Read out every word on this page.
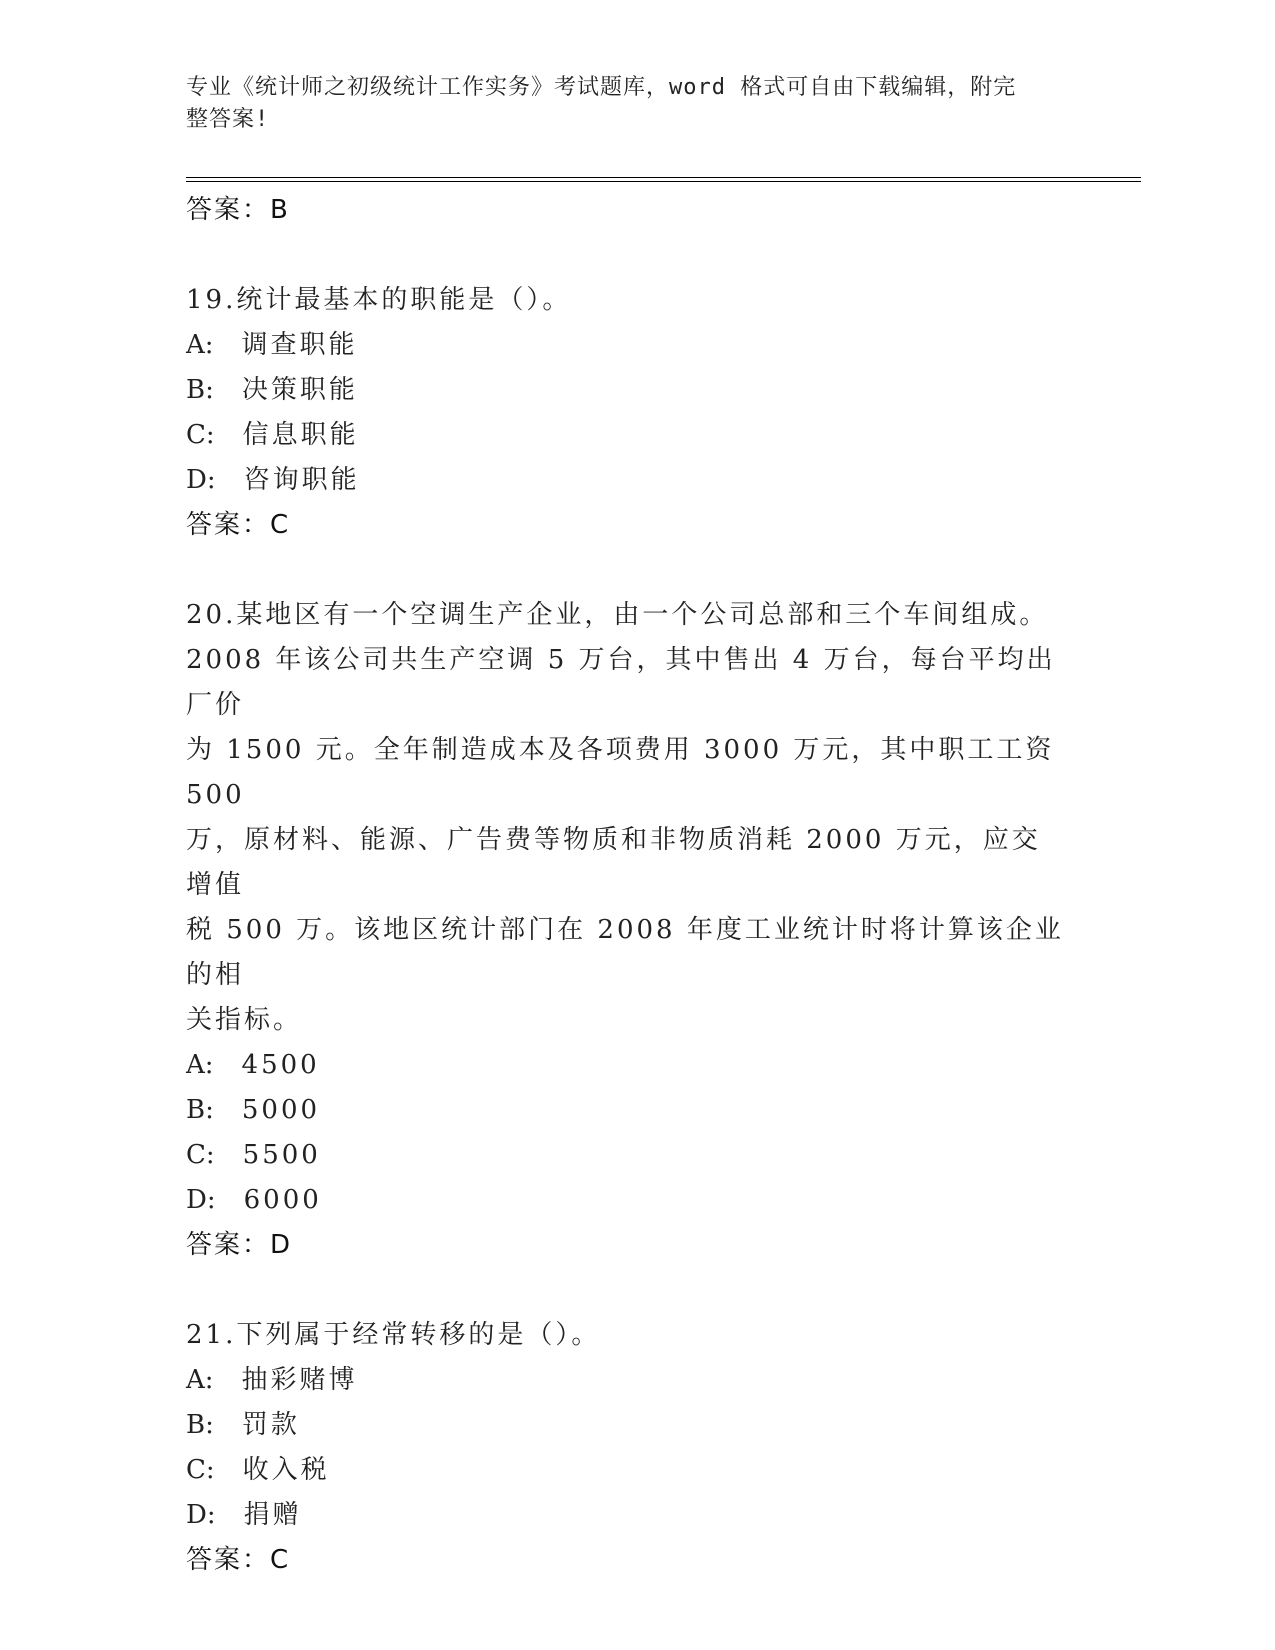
专业《统计师之初级统计工作实务》考试题库，word 格式可自由下载编辑，附完
整答案!
答案：B
19.统计最基本的职能是（）。
A: 调查职能
B: 决策职能
C: 信息职能
D: 咨询职能
答案：C
20.某地区有一个空调生产企业，由一个公司总部和三个车间组成。
2008 年该公司共生产空调 5 万台，其中售出 4 万台，每台平均出厂价
为 1500 元。全年制造成本及各项费用 3000 万元，其中职工工资 500
万，原材料、能源、广告费等物质和非物质消耗 2000 万元，应交增值
税 500 万。该地区统计部门在 2008 年度工业统计时将计算该企业的相
关指标。
A: 4500
B: 5000
C: 5500
D: 6000
答案：D
21.下列属于经常转移的是（）。
A: 抽彩赌博
B: 罚款
C: 收入税
D: 捐赠
答案：C
